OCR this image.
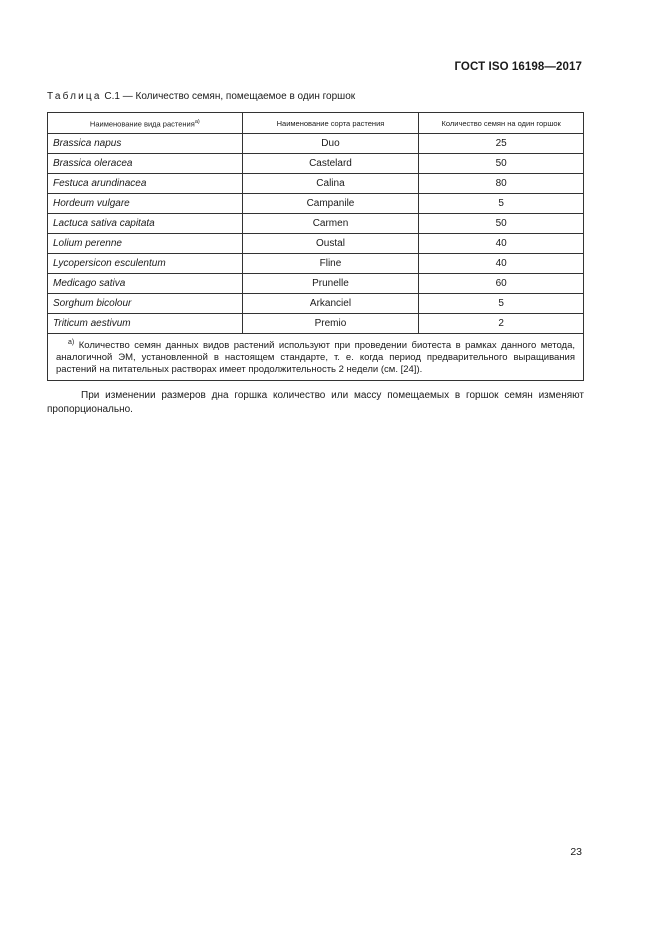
ГОСТ ISO 16198—2017
Таблица С.1 — Количество семян, помещаемое в один горшок
Наименование вида растения$^{а)}$	Наименование сорта растения	Количество семян на один горшок
Brassica napus	Duo	25
Brassica oleracea	Castelard	50
Festuca arundinacea	Calina	80
Hordeum vulgare	Campanile	5
Lactuca sativa capitata	Carmen	50
Lolium perenne	Oustal	40
Lycopersicon esculentum	Fline	40
Medicago sativa	Prunelle	60
Sorghum bicolour	Arkanciel	5
Triticum aestivum	Premio	2
$^{а)}$ Количество семян данных видов растений используют при проведении биотеста в рамках данного метода, аналогичной ЭМ, установленной в настоящем стандарте, т. е. когда период предварительного выращивания растений на питательных растворах имеет продолжительность 2 недели (см. [24]).		
При изменении размеров дна горшка количество или массу помещаемых в горшок семян изменяют пропорционально.
23
